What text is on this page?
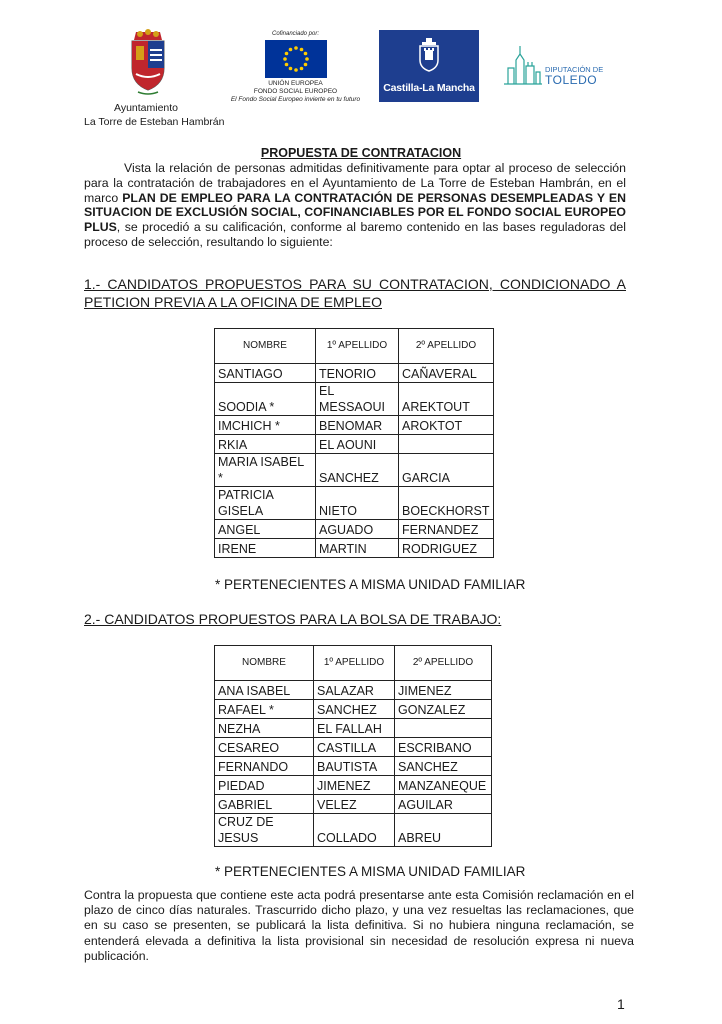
Ayuntamiento
La Torre de Esteban Hambrán
Cofinanciado por:
UNIÓN EUROPEA
FONDO SOCIAL EUROPEO
El Fondo Social Europeo invierte en tu futuro
Castilla-La Mancha
DIPUTACIÓN DE
TOLEDO
PROPUESTA DE CONTRATACION
Vista la relación de personas admitidas definitivamente para optar al proceso de selección para la contratación de trabajadores en el Ayuntamiento de La Torre de Esteban Hambrán, en el marco PLAN DE EMPLEO PARA LA CONTRATACIÓN DE PERSONAS DESEMPLEADAS Y EN SITUACION DE EXCLUSIÓN SOCIAL, COFINANCIABLES POR EL FONDO SOCIAL EUROPEO PLUS, se procedió a su calificación, conforme al baremo contenido en las bases reguladoras del proceso de selección, resultando lo siguiente:
1.- CANDIDATOS PROPUESTOS PARA SU CONTRATACION, CONDICIONADO A PETICION PREVIA A LA OFICINA DE EMPLEO
NOMBRE	1º APELLIDO	2º APELLIDO
SANTIAGO	TENORIO	CAÑAVERAL
SOODIA *	EL MESSAOUI	AREKTOUT
IMCHICH *	BENOMAR	AROKTOT
RKIA	EL AOUNI	
MARIA ISABEL *	SANCHEZ	GARCIA
PATRICIA GISELA	NIETO	BOECKHORST
ANGEL	AGUADO	FERNANDEZ
IRENE	MARTIN	RODRIGUEZ
* PERTENECIENTES A MISMA UNIDAD FAMILIAR
2.- CANDIDATOS PROPUESTOS PARA LA BOLSA DE TRABAJO:
NOMBRE	1º APELLIDO	2º APELLIDO
ANA ISABEL	SALAZAR	JIMENEZ
RAFAEL *	SANCHEZ	GONZALEZ
NEZHA	EL FALLAH	
CESAREO	CASTILLA	ESCRIBANO
FERNANDO	BAUTISTA	SANCHEZ
PIEDAD	JIMENEZ	MANZANEQUE
GABRIEL	VELEZ	AGUILAR
CRUZ DE JESUS	COLLADO	ABREU
* PERTENECIENTES A MISMA UNIDAD FAMILIAR
Contra la propuesta que contiene este acta podrá presentarse ante esta Comisión reclamación en el plazo de cinco días naturales. Trascurrido dicho plazo, y una vez resueltas las reclamaciones, que en su caso se presenten, se publicará la lista definitiva. Si no hubiera ninguna reclamación, se entenderá elevada a definitiva la lista provisional sin necesidad de resolución expresa ni nueva publicación.
1
